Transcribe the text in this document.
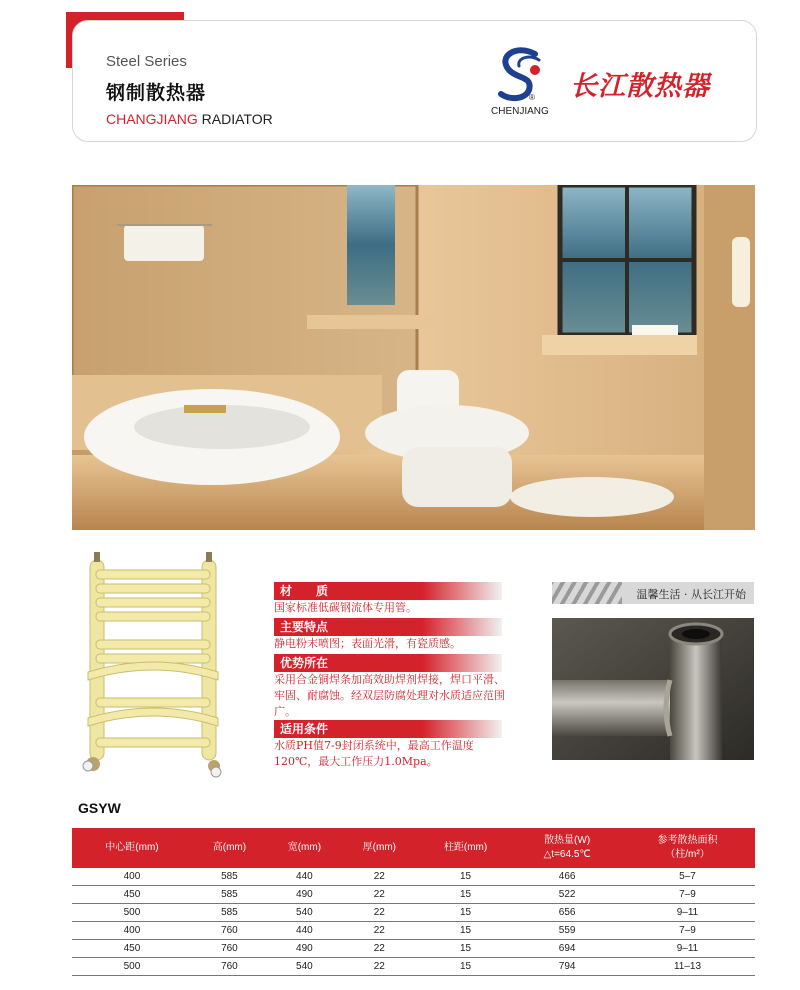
Steel Series
钢制散热器
CHANGJIANG RADIATOR
®
CHENJIANG
长江散热器
材　　质
国家标准低碳钢流体专用管。
主要特点
静电粉末喷图；表面光滑，有瓷质感。
优势所在
采用合金铜焊条加高效助焊剂焊接，焊口平滑、牢固、耐腐蚀。经双层防腐处理对水质适应范围广。
适用条件
水质PH值7-9封闭系统中，最高工作温度120℃，最大工作压力1.0Mpa。
温馨生活 · 从长江开始
GSYW
中心距(mm)	高(mm)	宽(mm)	厚(mm)	柱距(mm)	散热量(W)
△t=64.5℃	参考散热面积
（柱/m²）
400	585	440	22	15	466	5–7
450	585	490	22	15	522	7–9
500	585	540	22	15	656	9–11
400	760	440	22	15	559	7–9
450	760	490	22	15	694	9–11
500	760	540	22	15	794	11–13
